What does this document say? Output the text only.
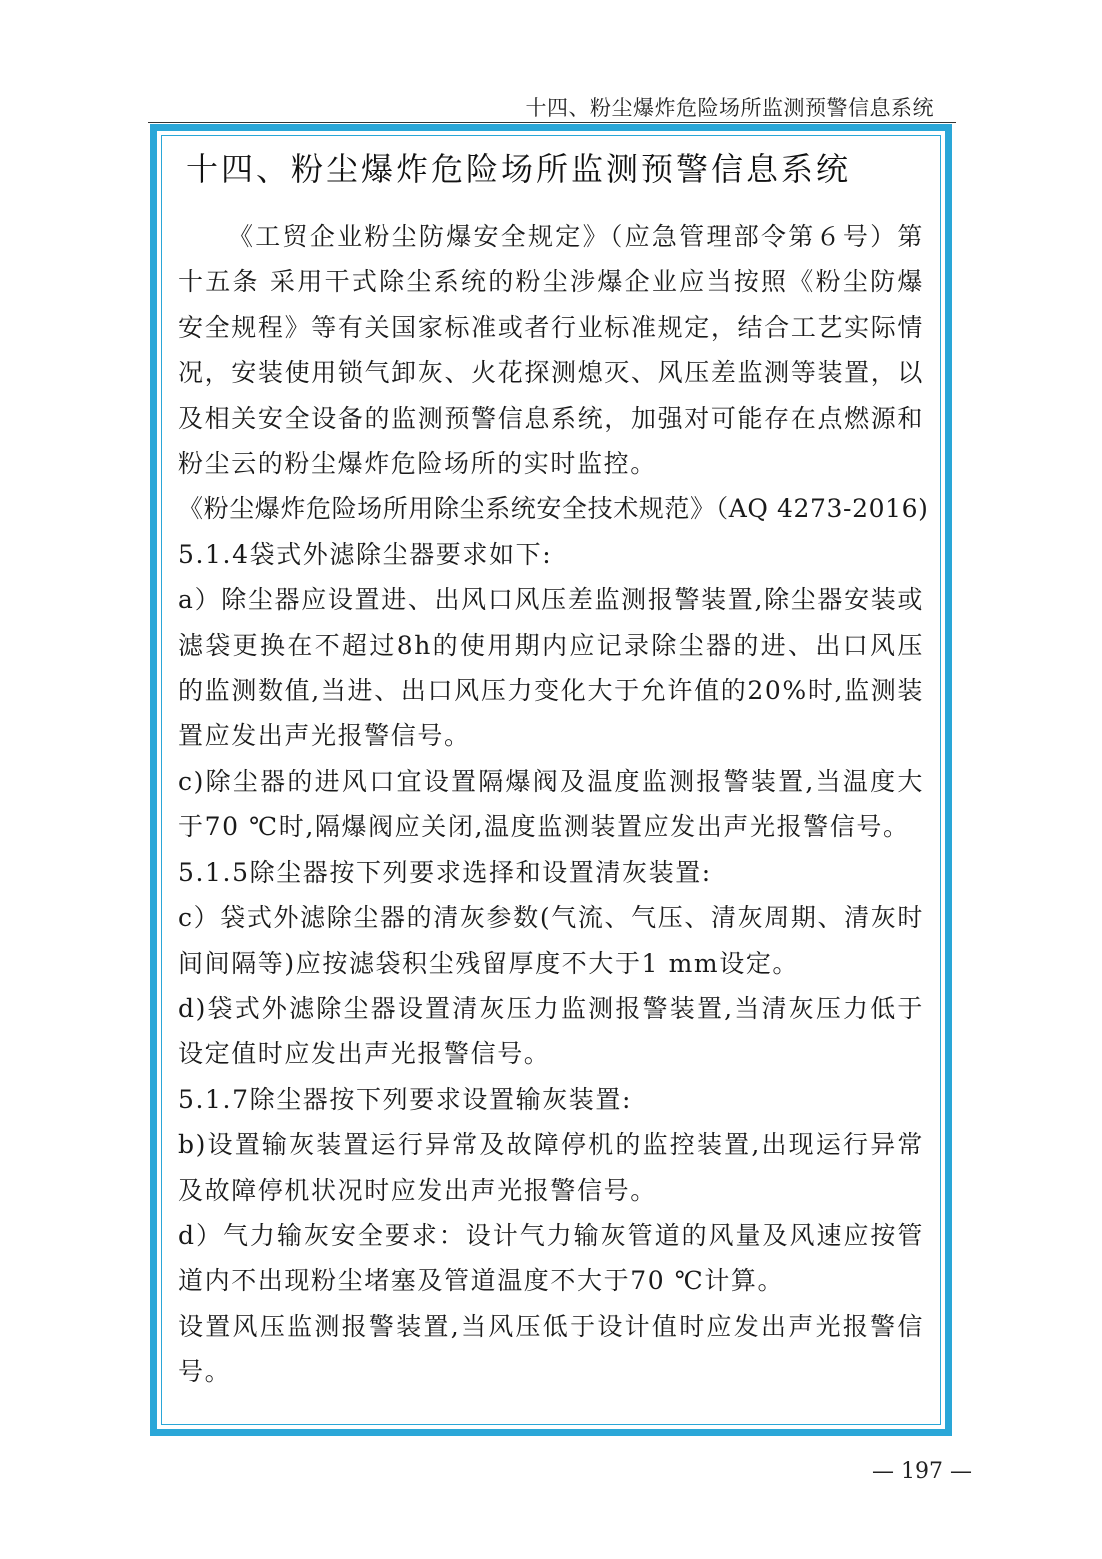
十四、粉尘爆炸危险场所监测预警信息系统
十四、粉尘爆炸危险场所监测预警信息系统

《工贸企业粉尘防爆安全规定》（应急管理部令第６号）第十五条 采用干式除尘系统的粉尘涉爆企业应当按照《粉尘防爆安全规程》等有关国家标准或者行业标准规定，结合工艺实际情况，安装使用锁气卸灰、火花探测熄灭、风压差监测等装置，以及相关安全设备的监测预警信息系统，加强对可能存在点燃源和粉尘云的粉尘爆炸危险场所的实时监控。

《粉尘爆炸危险场所用除尘系统安全技术规范》（AQ 4273-2016)

5.1.4袋式外滤除尘器要求如下:

a）除尘器应设置进、出风口风压差监测报警装置,除尘器安装或滤袋更换在不超过8h的使用期内应记录除尘器的进、出口风压的监测数值,当进、出口风压力变化大于允许值的20%时,监测装置应发出声光报警信号。

c)除尘器的进风口宜设置隔爆阀及温度监测报警装置,当温度大于70 ℃时,隔爆阀应关闭,温度监测装置应发出声光报警信号。

5.1.5除尘器按下列要求选择和设置清灰装置:

c）袋式外滤除尘器的清灰参数(气流、气压、清灰周期、清灰时间间隔等)应按滤袋积尘残留厚度不大于1 mm设定。

d)袋式外滤除尘器设置清灰压力监测报警装置,当清灰压力低于设定值时应发出声光报警信号。

5.1.7除尘器按下列要求设置输灰装置:

b)设置输灰装置运行异常及故障停机的监控装置,出现运行异常及故障停机状况时应发出声光报警信号。

d）气力输灰安全要求：设计气力输灰管道的风量及风速应按管道内不出现粉尘堵塞及管道温度不大于70 ℃计算。

设置风压监测报警装置,当风压低于设计值时应发出声光报警信号。

— 197 —
